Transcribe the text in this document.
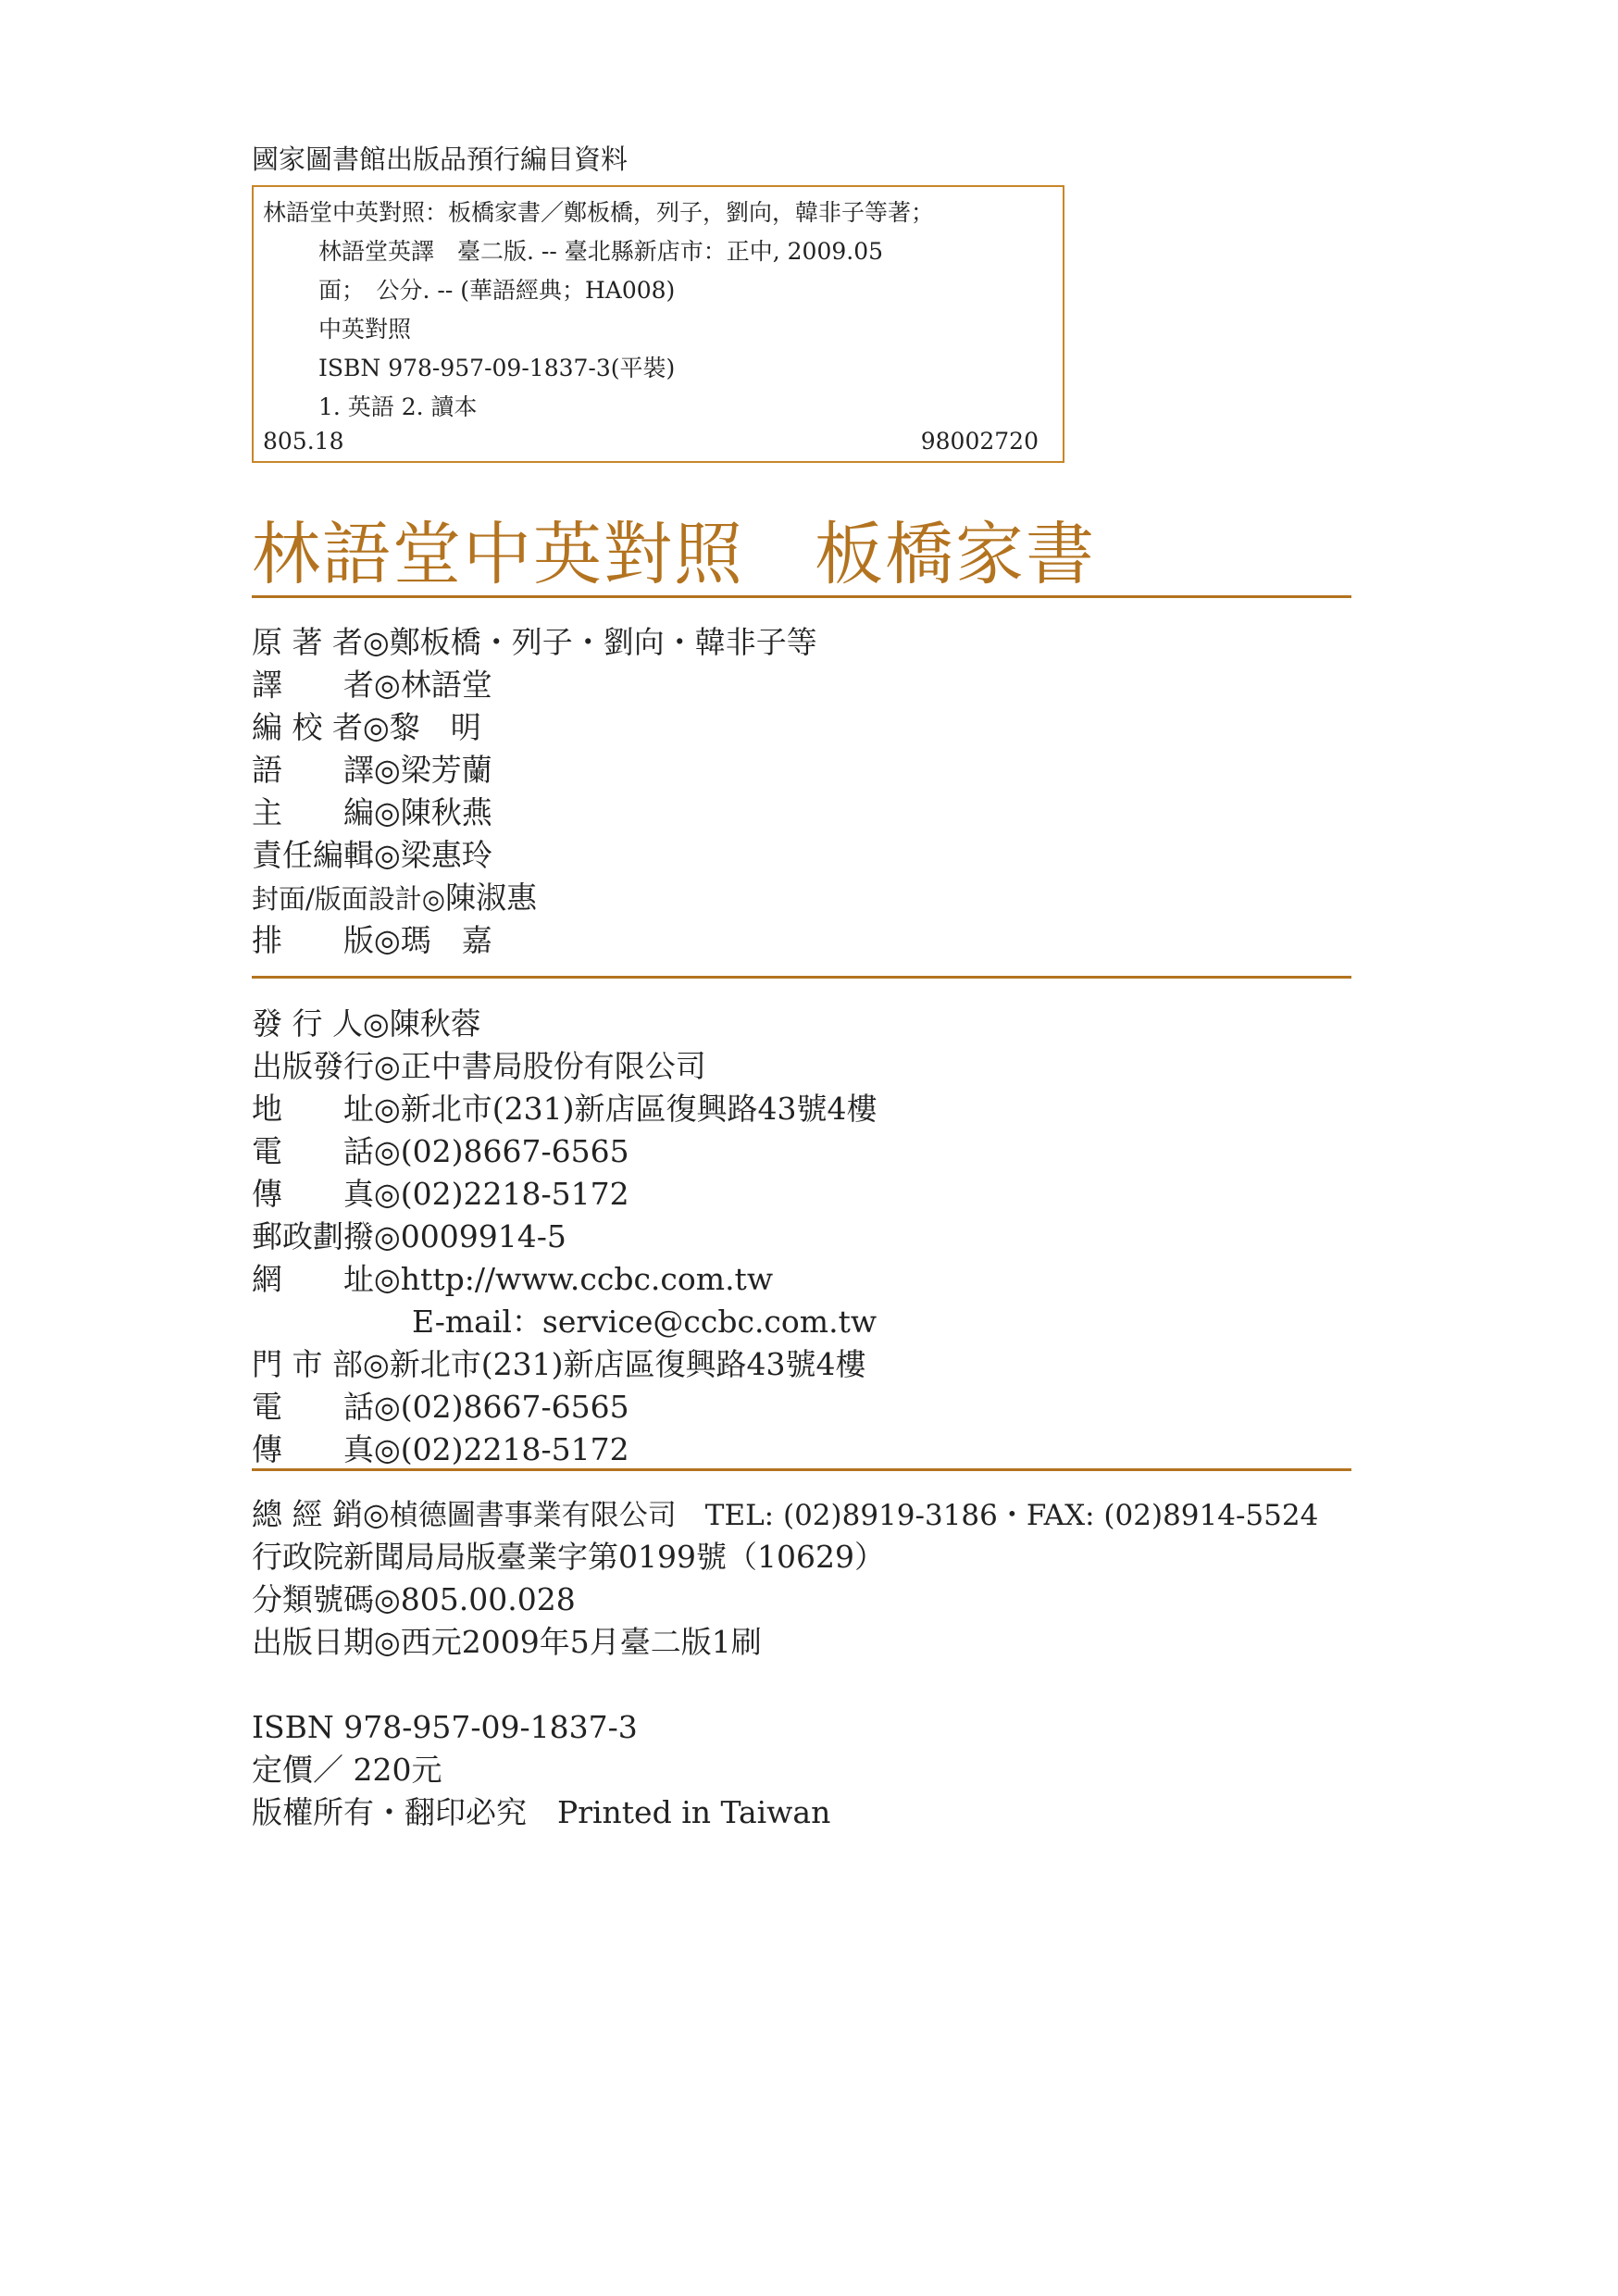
國家圖書館出版品預行編目資料
林語堂中英對照：板橋家書／鄭板橋，列子，劉向，韓非子等著；
林語堂英譯　臺二版. -- 臺北縣新店市：正中, 2009.05
面；　公分. -- (華語經典；HA008)
中英對照
ISBN 978-957-09-1837-3(平裝)
1. 英語 2. 讀本
805.18	98002720
林語堂中英對照　板橋家書
原 著 者◎鄭板橋・列子・劉向・韓非子等
譯　　者◎林語堂
編 校 者◎黎　明
語　　譯◎梁芳蘭
主　　編◎陳秋燕
責任編輯◎梁惠玲
封面/版面設計◎陳淑惠
排　　版◎瑪　嘉
發 行 人◎陳秋蓉
出版發行◎正中書局股份有限公司
地　　址◎新北市(231)新店區復興路43號4樓
電　　話◎(02)8667-6565
傳　　真◎(02)2218-5172
郵政劃撥◎0009914-5
網　　址◎http://www.ccbc.com.tw
E-mail：service@ccbc.com.tw
門 市 部◎新北市(231)新店區復興路43號4樓
電　　話◎(02)8667-6565
傳　　真◎(02)2218-5172
總 經 銷◎楨德圖書事業有限公司　TEL: (02)8919-3186・FAX: (02)8914-5524
行政院新聞局局版臺業字第0199號（10629）
分類號碼◎805.00.028
出版日期◎西元2009年5月臺二版1刷
ISBN 978-957-09-1837-3
定價／ 220元
版權所有・翻印必究　Printed in Taiwan
